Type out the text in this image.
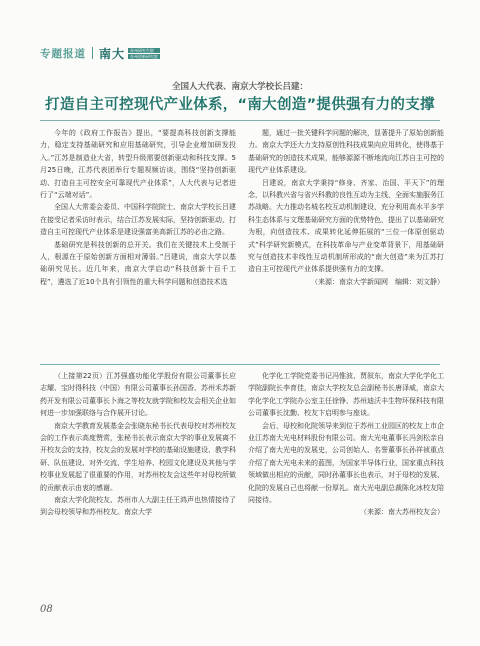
专题报道 南大	苏州研究生院
苏州创新研究院
全国人大代表、南京大学校长吕建：
打造自主可控现代产业体系，“南大创造”提供强有力的支撑

今年的《政府工作报告》提出，“要提高科技创新支撑能力，稳定支持基础研究和应用基础研究，引导企业增加研发投入。”江苏是制造业大省，转型升级需要创新驱动和科技支撑。5月25日晚，江苏代表团举行专题视频访谈，围绕“坚持创新驱动、打造自主可控安全可靠现代产业体系”，人大代表与记者进行了“云端对话”。

全国人大常委会委员、中国科学院院士、南京大学校长吕建在接受记者采访时表示，结合江苏发展实际，坚持创新驱动，打造自主可控现代产业体系是建设强富美高新江苏的必由之路。

基础研究是科技创新的总开关。我们在关键技术上受制于人，根源在于原始创新方面相对薄弱。”吕建说，南京大学以基础研究见长。近几年来，南京大学启动“科技创新十百千工程”，遴选了近10个具有引领性的重大科学问题和创造技术选

题，通过一批关键科学问题的解决，显著提升了原始创新能力。南京大学还大力支持原创性科技成果向应用转化，使得基于基础研究的创造技术成果，能够源源不断地流向江苏自主可控的现代产业体系建设。

吕建说，南京大学秉持“修身、齐家、治国、平天下”的理念，以科教兴省与省兴科教的良性互动为主线，全面实施服务江苏战略。大力推动名城名校互动机制建设，充分利用高水平多学科生态体系与文理基础研究方面的优势特色，提出了以基础研究为根，向创造技术、成果转化延伸拓展的“三位一体原创驱动式”科学研究新模式，在科技革命与产业变革背景下，用基础研究与创造技术非线性互动机制所形成的“南大创造”来为江苏打造自主可控现代产业体系提供强有力的支撑。

（来源：南京大学新闻网　编辑：刘文静）

（上接第22页）江苏强盛功能化学股份有限公司董事长应志耀、宝时得科技（中国）有限公司董事长孙国香、苏州禾苏新药开发有限公司董事长卜海之等校友就学院和校友会相关企业如何进一步加强联络与合作展开讨论。

南京大学教育发展基金会张晓东秘书长代表母校对苏州校友会的工作表示高度赞赏，张秘书长表示南京大学的事业发展离不开校友会的支持，校友会的发展对学校的基础设施建设、教学科研、队伍建设、对外交流、学生培养、校园文化建设及其他与学校事业发展起了很重要的作用，对苏州校友会这些年对母校所做的贡献表示由衷的感谢。

南京大学化院校友、苏州市人大副主任王鸿声也热情接待了到会母校领导和苏州校友。南京大学

化学化工学院党委书记冯惟波、贾叙东，南京大学化学化工学院副院长李育佳，南京大学校友总会副秘书长唐泽威，南京大学化学化工学院办公室主任徐铮、苏州迪沃丰生物环保科技有限公司董事长沈勤、校友卞启明参与座谈。

会后，母校和化院领导来到位于苏州工业园区的校友上市企业江苏南大光电材料股份有限公司。南大光电董事长冯剑松亲自介绍了南大光电的发展史，公司创始人、名誉董事长孙祥祯重点介绍了南大光电未来的蓝图，为国家半导体行业，国家重点科技领域做出相应的贡献，同时孙董事长也表示，对于母校的发展、化院的发展自己也将献一份厚礼。南大光电副总裁陈化冰校友陪同接待。

（来源：南大苏州校友会）

08
